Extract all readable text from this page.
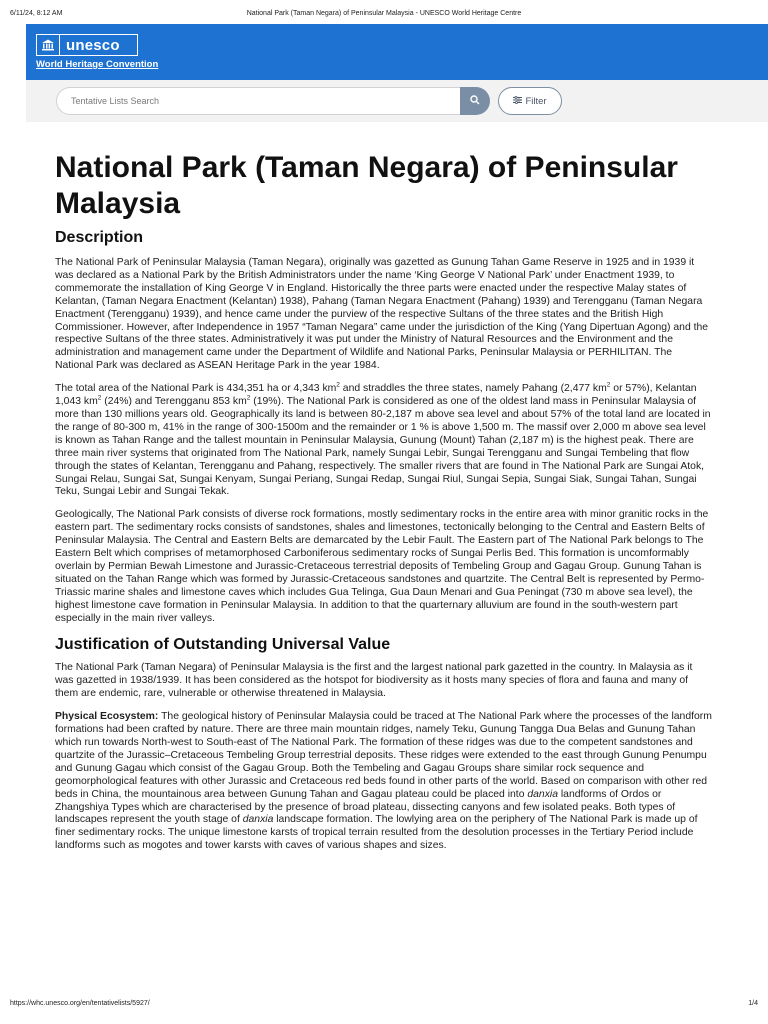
6/11/24, 8:12 AM	National Park (Taman Negara) of Peninsular Malaysia - UNESCO World Heritage Centre
unesco
World Heritage Convention
Tentative Lists Search	Filter
National Park (Taman Negara) of Peninsular Malaysia
Description

The National Park of Peninsular Malaysia (Taman Negara), originally was gazetted as Gunung Tahan Game Reserve in 1925 and in 1939 it was declared as a National Park by the British Administrators under the name ‘King George V National Park’ under Enactment 1939, to commemorate the installation of King George V in England. Historically the three parts were enacted under the respective Malay states of Kelantan, (Taman Negara Enactment (Kelantan) 1938), Pahang (Taman Negara Enactment (Pahang) 1939) and Terengganu (Taman Negara Enactment (Terengganu) 1939), and hence came under the purview of the respective Sultans of the three states and the British High Commissioner. However, after Independence in 1957 “Taman Negara” came under the jurisdiction of the King (Yang Dipertuan Agong) and the respective Sultans of the three states. Administratively it was put under the Ministry of Natural Resources and the Environment and the administration and management came under the Department of Wildlife and National Parks, Peninsular Malaysia or PERHILITAN. The National Park was declared as ASEAN Heritage Park in the year 1984.

The total area of the National Park is 434,351 ha or 4,343 $km^2$ and straddles the three states, namely Pahang (2,477 $km^2$ or 57%), Kelantan 1,043 $km^2$ (24%) and Terengganu 853 $km^2$ (19%). The National Park is considered as one of the oldest land mass in Peninsular Malaysia of more than 130 millions years old. Geographically its land is between 80-2,187 m above sea level and about 57% of the total land are located in the range of 80-300 m, 41% in the range of 300-1500m and the remainder or 1 % is above 1,500 m. The massif over 2,000 m above sea level is known as Tahan Range and the tallest mountain in Peninsular Malaysia, Gunung (Mount) Tahan (2,187 m) is the highest peak. There are three main river systems that originated from The National Park, namely Sungai Lebir, Sungai Terengganu and Sungai Tembeling that flow through the states of Kelantan, Terengganu and Pahang, respectively. The smaller rivers that are found in The National Park are Sungai Atok, Sungai Relau, Sungai Sat, Sungai Kenyam, Sungai Periang, Sungai Redap, Sungai Riul, Sungai Sepia, Sungai Siak, Sungai Tahan, Sungai Teku, Sungai Lebir and Sungai Tekak.

Geologically, The National Park consists of diverse rock formations, mostly sedimentary rocks in the entire area with minor granitic rocks in the eastern part. The sedimentary rocks consists of sandstones, shales and limestones, tectonically belonging to the Central and Eastern Belts of Peninsular Malaysia. The Central and Eastern Belts are demarcated by the Lebir Fault. The Eastern part of The National Park belongs to The Eastern Belt which comprises of metamorphosed Carboniferous sedimentary rocks of Sungai Perlis Bed. This formation is uncomformably overlain by Permian Bewah Limestone and Jurassic-Cretaceous terrestrial deposits of Tembeling Group and Gagau Group. Gunung Tahan is situated on the Tahan Range which was formed by Jurassic-Cretaceous sandstones and quartzite. The Central Belt is represented by Permo-Triassic marine shales and limestone caves which includes Gua Telinga, Gua Daun Menari and Gua Peningat (730 m above sea level), the highest limestone cave formation in Peninsular Malaysia. In addition to that the quarternary alluvium are found in the south-western part especially in the main river valleys.

Justification of Outstanding Universal Value

The National Park (Taman Negara) of Peninsular Malaysia is the first and the largest national park gazetted in the country. In Malaysia as it was gazetted in 1938/1939. It has been considered as the hotspot for biodiversity as it hosts many species of flora and fauna and many of them are endemic, rare, vulnerable or otherwise threatened in Malaysia.

Physical Ecosystem: The geological history of Peninsular Malaysia could be traced at The National Park where the processes of the landform formations had been crafted by nature. There are three main mountain ridges, namely Teku, Gunung Tangga Dua Belas and Gunung Tahan which run towards North-west to South-east of The National Park. The formation of these ridges was due to the competent sandstones and quartzite of the Jurassic–Cretaceous Tembeling Group terrestrial deposits. These ridges were extended to the east through Gunung Penumpu and Gunung Gagau which consist of the Gagau Group. Both the Tembeling and Gagau Groups share similar rock sequence and geomorphological features with other Jurassic and Cretaceous red beds found in other parts of the world. Based on comparison with other red beds in China, the mountainous area between Gunung Tahan and Gagau plateau could be placed into danxia landforms of Ordos or Zhangshiya Types which are characterised by the presence of broad plateau, dissecting canyons and few isolated peaks. Both types of landscapes represent the youth stage of danxia landscape formation. The lowlying area on the periphery of The National Park is made up of finer sedimentary rocks. The unique limestone karsts of tropical terrain resulted from the desolution processes in the Tertiary Period include landforms such as mogotes and tower karsts with caves of various shapes and sizes.

https://whc.unesco.org/en/tentativelists/5927/	1/4
